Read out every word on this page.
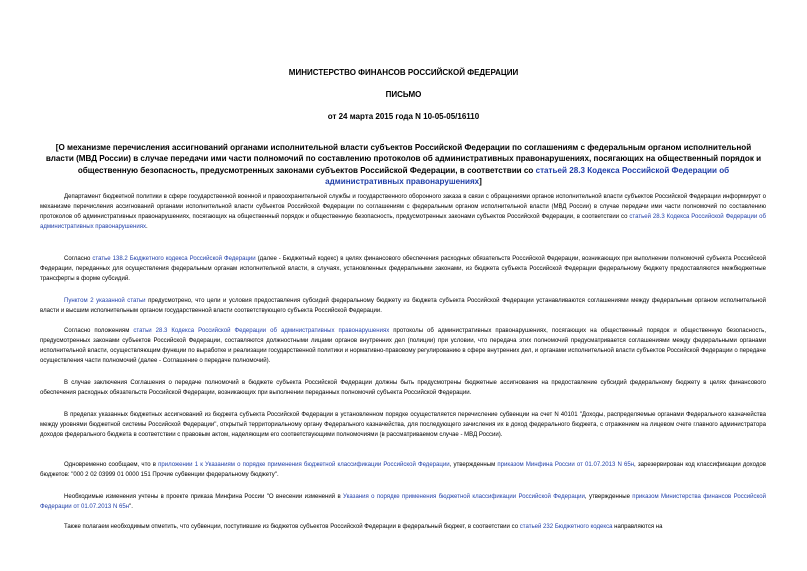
МИНИСТЕРСТВО ФИНАНСОВ РОССИЙСКОЙ ФЕДЕРАЦИИ
ПИСЬМО
от 24 марта 2015 года N 10-05-05/16110
[О механизме перечисления ассигнований органами исполнительной власти субъектов Российской Федерации по соглашениям с федеральным органом исполнительной власти (МВД России) в случае передачи ими части полномочий по составлению протоколов об административных правонарушениях, посягающих на общественный порядок и общественную безопасность, предусмотренных законами субъектов Российской Федерации, в соответствии со статьей 28.3 Кодекса Российской Федерации об административных правонарушениях]
Департамент бюджетной политики в сфере государственной военной и правоохранительной службы и государственного оборонного заказа в связи с обращениями органов исполнительной власти субъектов Российской Федерации информирует о механизме перечисления ассигнований органами исполнительной власти субъектов Российской Федерации по соглашениям с федеральным органом исполнительной власти (МВД России) в случае передачи ими части полномочий по составлению протоколов об административных правонарушениях, посягающих на общественный порядок и общественную безопасность, предусмотренных законами субъектов Российской Федерации, в соответствии со статьей 28.3 Кодекса Российской Федерации об административных правонарушениях.
Согласно статье 138.2 Бюджетного кодекса Российской Федерации (далее - Бюджетный кодекс) в целях финансового обеспечения расходных обязательств Российской Федерации, возникающих при выполнении полномочий субъекта Российской Федерации, переданных для осуществления федеральным органам исполнительной власти, в случаях, установленных федеральными законами, из бюджета субъекта Российской Федерации федеральному бюджету предоставляются межбюджетные трансферты в форме субсидий.
Пунктом 2 указанной статьи предусмотрено, что цели и условия предоставления субсидий федеральному бюджету из бюджета субъекта Российской Федерации устанавливаются соглашениями между федеральным органом исполнительной власти и высшим исполнительным органом государственной власти соответствующего субъекта Российской Федерации.
Согласно положениям статьи 28.3 Кодекса Российской Федерации об административных правонарушениях протоколы об административных правонарушениях, посягающих на общественный порядок и общественную безопасность, предусмотренных законами субъектов Российской Федерации, составляются должностными лицами органов внутренних дел (полиции) при условии, что передача этих полномочий предусматривается соглашениями между федеральными органами исполнительной власти, осуществляющим функции по выработке и реализации государственной политики и нормативно-правовому регулированию в сфере внутренних дел, и органами исполнительной власти субъектов Российской Федерации о передаче осуществления части полномочий (далее - Соглашение о передаче полномочий).
В случае заключения Соглашения о передаче полномочий в бюджете субъекта Российской Федерации должны быть предусмотрены бюджетные ассигнования на предоставление субсидий федеральному бюджету в целях финансового обеспечения расходных обязательств Российской Федерации, возникающих при выполнении переданных полномочий субъекта Российской Федерации.
В пределах указанных бюджетных ассигнований из бюджета субъекта Российской Федерации в установленном порядке осуществляется перечисление субвенции на счет N 40101 "Доходы, распределяемые органами Федерального казначейства между уровнями бюджетной системы Российской Федерации", открытый территориальному органу Федерального казначейства, для последующего зачисления их в доход федерального бюджета, с отражением на лицевом счете главного администратора доходов федерального бюджета в соответствии с правовым актом, наделяющим его соответствующими полномочиями (в рассматриваемом случае - МВД России).
Одновременно сообщаем, что в приложении 1 к Указаниям о порядке применения бюджетной классификации Российской Федерации, утвержденным приказом Минфина России от 01.07.2013 N 65н, зарезервирован код классификации доходов бюджетов: "000 2 02 03999 01 0000 151 Прочие субвенции федеральному бюджету".
Необходимые изменения учтены в проекте приказа Минфина России "О внесении изменений в Указания о порядке применения бюджетной классификации Российской Федерации, утвержденные приказом Министерства финансов Российской Федерации от 01.07.2013 N 65н".
Также полагаем необходимым отметить, что субвенции, поступившие из бюджетов субъектов Российской Федерации в федеральный бюджет, в соответствии со статьей 232 Бюджетного кодекса направляются на
